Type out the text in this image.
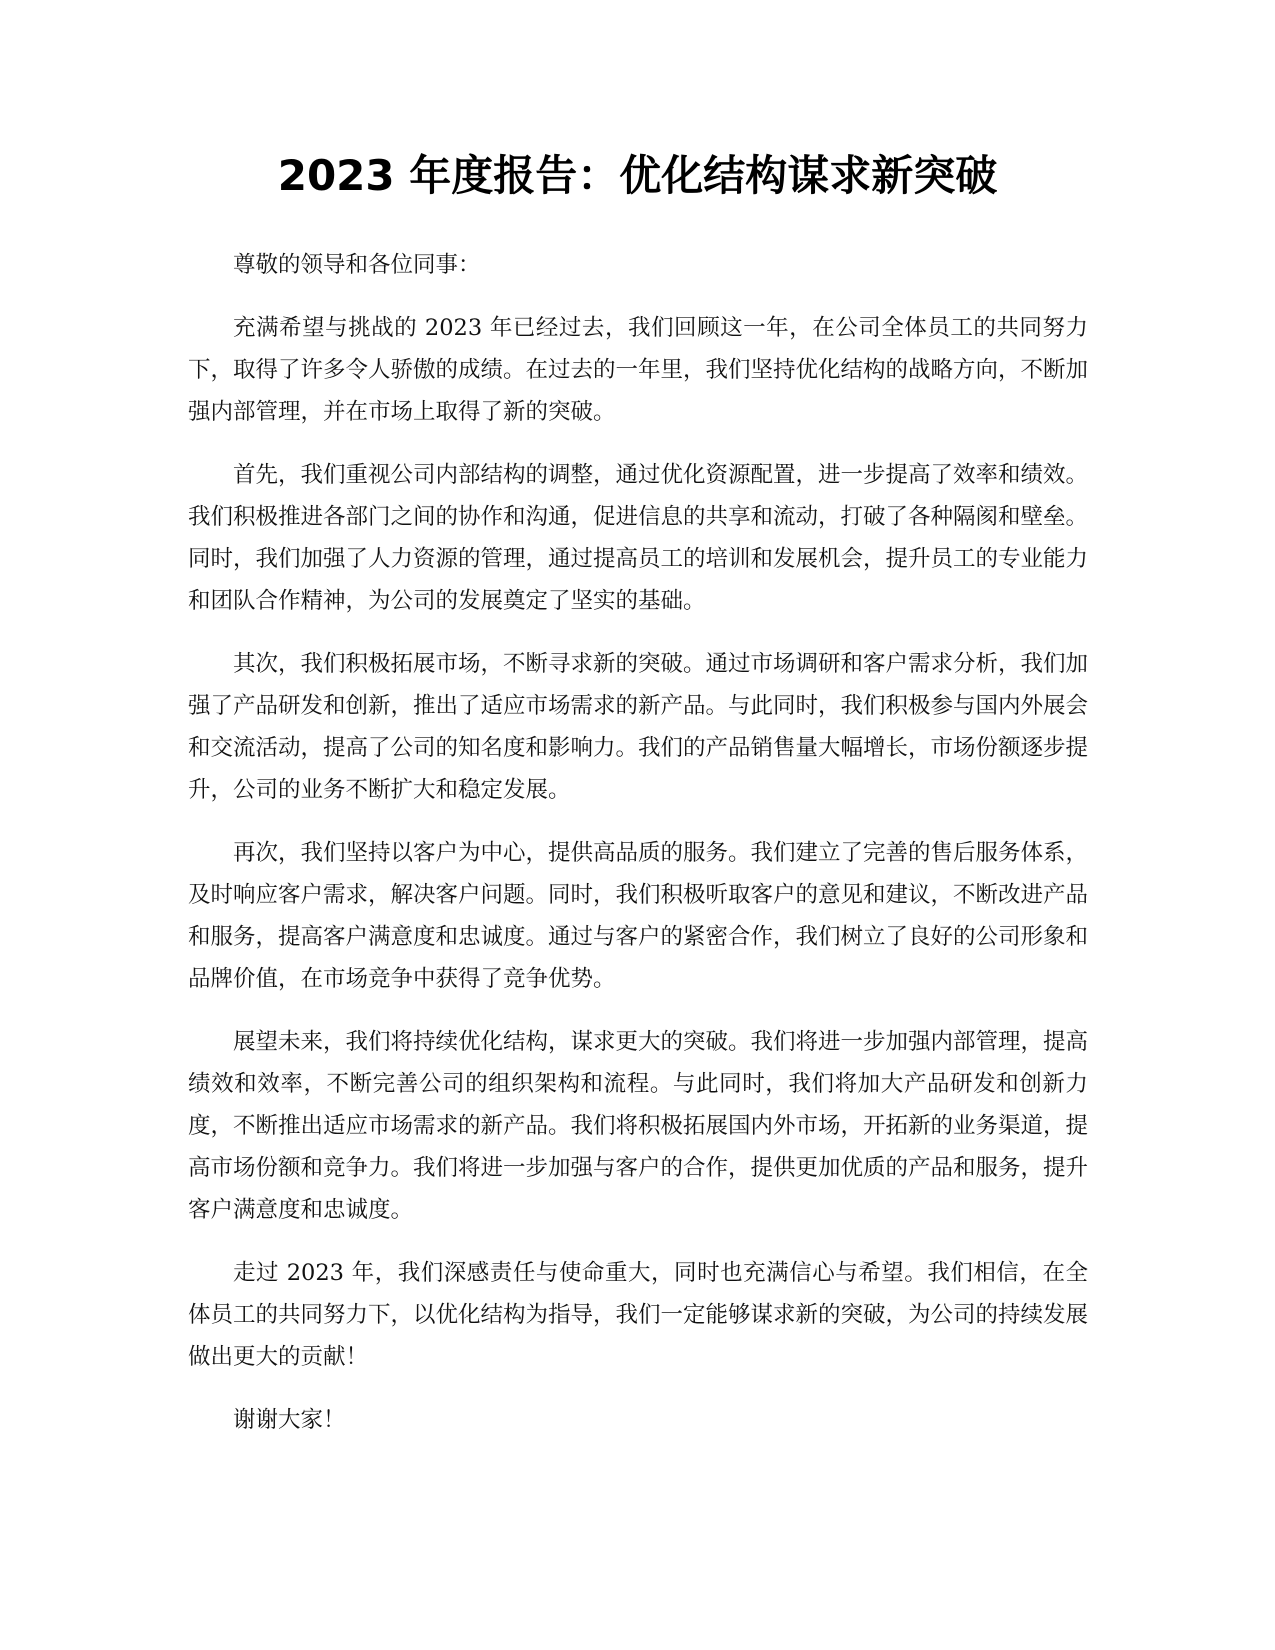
2023 年度报告：优化结构谋求新突破

尊敬的领导和各位同事：

充满希望与挑战的 2023 年已经过去，我们回顾这一年，在公司全体员工的共同努力下，取得了许多令人骄傲的成绩。在过去的一年里，我们坚持优化结构的战略方向，不断加强内部管理，并在市场上取得了新的突破。

首先，我们重视公司内部结构的调整，通过优化资源配置，进一步提高了效率和绩效。我们积极推进各部门之间的协作和沟通，促进信息的共享和流动，打破了各种隔阂和壁垒。同时，我们加强了人力资源的管理，通过提高员工的培训和发展机会，提升员工的专业能力和团队合作精神，为公司的发展奠定了坚实的基础。

其次，我们积极拓展市场，不断寻求新的突破。通过市场调研和客户需求分析，我们加强了产品研发和创新，推出了适应市场需求的新产品。与此同时，我们积极参与国内外展会和交流活动，提高了公司的知名度和影响力。我们的产品销售量大幅增长，市场份额逐步提升，公司的业务不断扩大和稳定发展。

再次，我们坚持以客户为中心，提供高品质的服务。我们建立了完善的售后服务体系，及时响应客户需求，解决客户问题。同时，我们积极听取客户的意见和建议，不断改进产品和服务，提高客户满意度和忠诚度。通过与客户的紧密合作，我们树立了良好的公司形象和品牌价值，在市场竞争中获得了竞争优势。

展望未来，我们将持续优化结构，谋求更大的突破。我们将进一步加强内部管理，提高绩效和效率，不断完善公司的组织架构和流程。与此同时，我们将加大产品研发和创新力度，不断推出适应市场需求的新产品。我们将积极拓展国内外市场，开拓新的业务渠道，提高市场份额和竞争力。我们将进一步加强与客户的合作，提供更加优质的产品和服务，提升客户满意度和忠诚度。

走过 2023 年，我们深感责任与使命重大，同时也充满信心与希望。我们相信，在全体员工的共同努力下，以优化结构为指导，我们一定能够谋求新的突破，为公司的持续发展做出更大的贡献！

谢谢大家！
